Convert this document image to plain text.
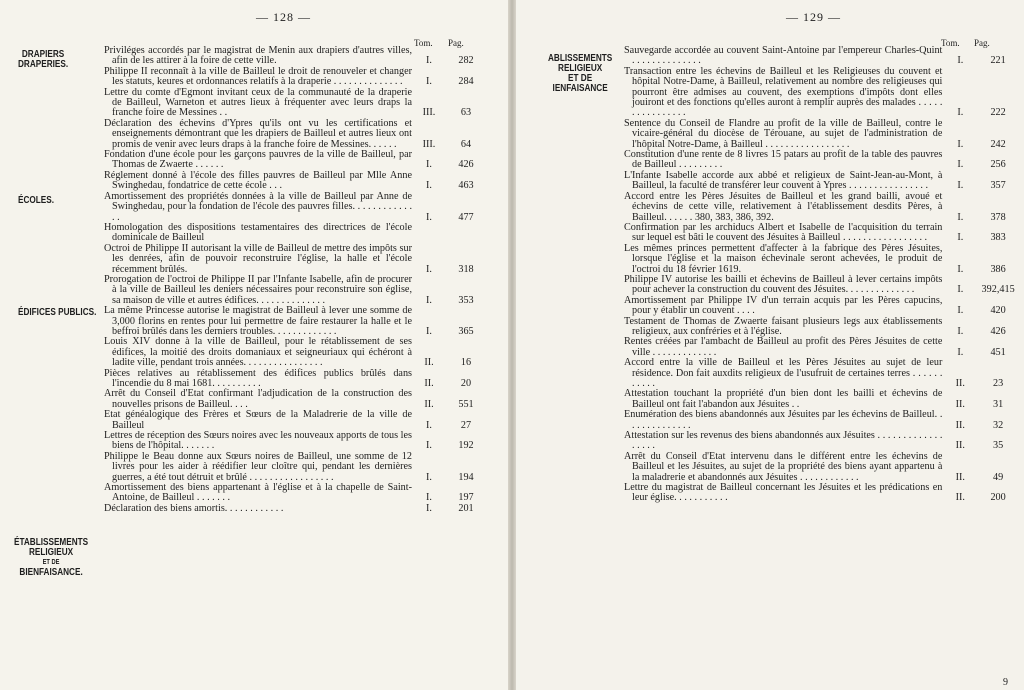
— 128 —
Tom. Pag.
DRAPIERS
DRAPERIES.
ÉCOLES.
ÉDIFICES PUBLICS.
ÉTABLISSEMENTS
RELIGIEUX
ET DE
BIENFAISANCE.
Priviléges accordés par le magistrat de Menin aux drapiers d'autres villes, afin de les attirer à la foire de cette ville.	I.	282
Philippe II reconnaît à la ville de Bailleul le droit de renouveler et changer les statuts, keures et ordonnances relatifs à la draperie . . . . . . . . . . . . . .	I.	284
Lettre du comte d'Egmont invitant ceux de la communauté de la draperie de Bailleul, Warneton et autres lieux à fréquenter avec leurs draps la franche foire de Messines . .	III.	63
Déclaration des échevins d'Ypres qu'ils ont vu les certifications et enseignements démontrant que les drapiers de Bailleul et autres lieux ont promis de venir avec leurs draps à la franche foire de Messines. . . . . .	III.	64
Fondation d'une école pour les garçons pauvres de la ville de Bailleul, par Thomas de Zwaerte . . . . . .	I.	426
Réglement donné à l'école des filles pauvres de Bailleul par Mlle Anne Swinghedau, fondatrice de cette école . . .	I.	463
Amortissement des propriétés données à la ville de Bailleul par Anne de Swinghedau, pour la fondation de l'école des pauvres filles. . . . . . . . . . . . . .	I.	477
Homologation des dispositions testamentaires des directrices de l'école dominicale de Bailleul
Octroi de Philippe II autorisant la ville de Bailleul de mettre des impôts sur les denrées, afin de pouvoir reconstruire l'église, la halle et l'école récemment brûlés.	I.	318
Prorogation de l'octroi de Philippe II par l'Infante Isabelle, afin de procurer à la ville de Bailleul les deniers nécessaires pour reconstruire son église, sa maison de ville et autres édifices. . . . . . . . . . . . . .	I.	353
La même Princesse autorise le magistrat de Bailleul à lever une somme de 3,000 florins en rentes pour lui permettre de faire restaurer la halle et le beffroi brûlés dans les derniers troubles. . . . . . . . . . . . .	I.	365
Louis XIV donne à la ville de Bailleul, pour le rétablissement de ses édifices, la moitié des droits domaniaux et seigneuriaux qui échéront à ladite ville, pendant trois années. . . . . . . . . . . . . . . .	II.	16
Pièces relatives au rétablissement des édifices publics brûlés dans l'incendie du 8 mai 1681. . . . . . . . . .	II.	20
Arrêt du Conseil d'Etat confirmant l'adjudication de la construction des nouvelles prisons de Bailleul. . . .	II.	551
Etat généalogique des Frères et Sœurs de la Maladrerie de la ville de Bailleul	I.	27
Lettres de réception des Sœurs noires avec les nouveaux apports de tous les biens de l'hôpital. . . . . . .	I.	192
Philippe le Beau donne aux Sœurs noires de Bailleul, une somme de 12 livres pour les aider à réédifier leur cloître qui, pendant les dernières guerres, a été tout détruit et brûlé . . . . . . . . . . . . . . . . .	I.	194
Amortissement des biens appartenant à l'église et à la chapelle de Saint-Antoine, de Bailleul . . . . . . .	I.	197
Déclaration des biens amortis. . . . . . . . . . . .	I.	201
— 129 —
Tom. Pag.
ABLISSEMENTS
RELIGIEUX
ET DE
IENFAISANCE
Sauvegarde accordée au couvent Saint-Antoine par l'empereur Charles-Quint . . . . . . . . . . . . . .	I.	221
Transaction entre les échevins de Bailleul et les Religieuses du couvent et hôpital Notre-Dame, à Bailleul, relativement au nombre des religieuses qui pourront être admises au couvent, des exemptions d'impôts dont elles jouiront et des fonctions qu'elles auront à remplir auprès des malades . . . . . . . . . . . . . . . .	I.	222
Sentence du Conseil de Flandre au profit de la ville de Bailleul, contre le vicaire-général du diocèse de Térouane, au sujet de l'administration de l'hôpital Notre-Dame, à Bailleul . . . . . . . . . . . . . . . . .	I.	242
Constitution d'une rente de 8 livres 15 patars au profit de la table des pauvres de Bailleul . . . . . . . . .	I.	256
L'Infante Isabelle accorde aux abbé et religieux de Saint-Jean-au-Mont, à Bailleul, la faculté de transférer leur couvent à Ypres . . . . . . . . . . . . . . . .	I.	357
Accord entre les Pères Jésuites de Bailleul et les grand bailli, avoué et échevins de cette ville, relativement à l'établissement desdits Pères, à Bailleul. . . . . . 380, 383, 386, 392.	I.	378
Confirmation par les archiducs Albert et Isabelle de l'acquisition du terrain sur lequel est bâti le couvent des Jésuites à Bailleul . . . . . . . . . . . . . . . . .	I.	383
Les mêmes princes permettent d'affecter à la fabrique des Pères Jésuites, lorsque l'église et la maison échevinale seront achevées, le produit de l'octroi du 18 février 1619.	I.	386
Philippe IV autorise les bailli et échevins de Bailleul à lever certains impôts pour achever la construction du couvent des Jésuites. . . . . . . . . . . . . .	I.	392,415
Amortissement par Philippe IV d'un terrain acquis par les Pères capucins, pour y établir un couvent . . . .	I.	420
Testament de Thomas de Zwaerte faisant plusieurs legs aux établissements religieux, aux confréries et à l'église.	I.	426
Rentes créées par l'ambacht de Bailleul au profit des Pères Jésuites de cette ville . . . . . . . . . . . . .	I.	451
Accord entre la ville de Bailleul et les Pères Jésuites au sujet de leur résidence. Don fait auxdits religieux de l'usufruit de certaines terres . . . . . . . . . . .	II.	23
Attestation touchant la propriété d'un bien dont les bailli et échevins de Bailleul ont fait l'abandon aux Jésuites . .	II.	31
Enumération des biens abandonnés aux Jésuites par les échevins de Bailleul. . . . . . . . . . . . . .	II.	32
Attestation sur les revenus des biens abandonnés aux Jésuites . . . . . . . . . . . . . . . . . .	II.	35
Arrêt du Conseil d'Etat intervenu dans le différent entre les échevins de Bailleul et les Jésuites, au sujet de la propriété des biens ayant appartenu à la maladrerie et abandonnés aux Jésuites . . . . . . . . . . . .	II.	49
Lettre du magistrat de Bailleul concernant les Jésuites et les prédications en leur église. . . . . . . . . . .	II.	200
9
